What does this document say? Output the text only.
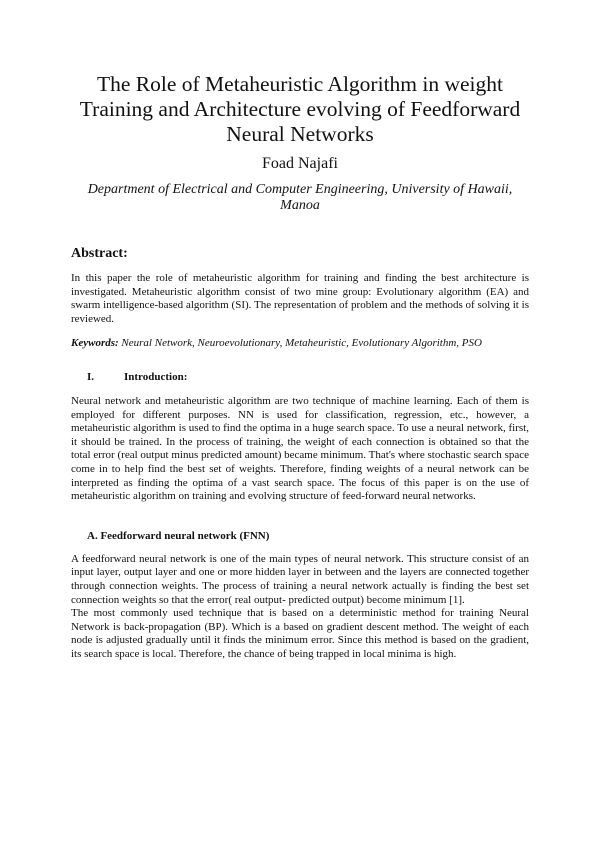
The Role of Metaheuristic Algorithm in weight Training and Architecture evolving of Feedforward Neural Networks
Foad Najafi
Department of Electrical and Computer Engineering, University of Hawaii, Manoa
Abstract:

In this paper the role of metaheuristic algorithm for training and finding the best architecture is investigated. Metaheuristic algorithm consist of two mine group: Evolutionary algorithm (EA) and swarm intelligence-based algorithm (SI). The representation of problem and the methods of solving it is reviewed.

Keywords: Neural Network, Neuroevolutionary, Metaheuristic, Evolutionary Algorithm, PSO

I.	Introduction:

Neural network and metaheuristic algorithm are two technique of machine learning. Each of them is employed for different purposes. NN is used for classification, regression, etc., however, a metaheuristic algorithm is used to find the optima in a huge search space. To use a neural network, first, it should be trained. In the process of training, the weight of each connection is obtained so that the total error (real output minus predicted amount) became minimum. That's where stochastic search space come in to help find the best set of weights. Therefore, finding weights of a neural network can be interpreted as finding the optima of a vast search space. The focus of this paper is on the use of metaheuristic algorithm on training and evolving structure of feed-forward neural networks.

A. Feedforward neural network (FNN)

A feedforward neural network is one of the main types of neural network. This structure consist of an input layer, output layer and one or more hidden layer in between and the layers are connected together through connection weights. The process of training a neural network actually is finding the best set connection weights so that the error( real output- predicted output) become minimum [1].

The most commonly used technique that is based on a deterministic method for training Neural Network is back-propagation (BP). Which is a based on gradient descent method. The weight of each node is adjusted gradually until it finds the minimum error. Since this method is based on the gradient, its search space is local. Therefore, the chance of being trapped in local minima is high.
